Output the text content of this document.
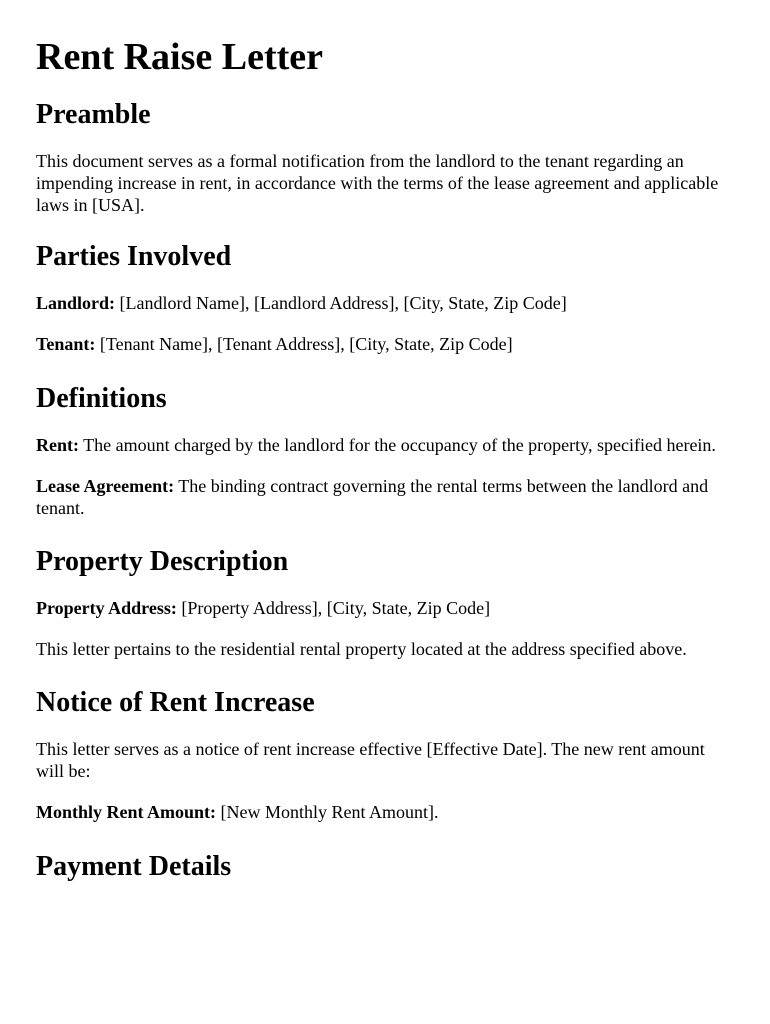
Rent Raise Letter
Preamble

This document serves as a formal notification from the landlord to the tenant regarding an impending increase in rent, in accordance with the terms of the lease agreement and applicable laws in [USA].

Parties Involved

Landlord: [Landlord Name], [Landlord Address], [City, State, Zip Code]

Tenant: [Tenant Name], [Tenant Address], [City, State, Zip Code]

Definitions

Rent: The amount charged by the landlord for the occupancy of the property, specified herein.

Lease Agreement: The binding contract governing the rental terms between the landlord and tenant.

Property Description

Property Address: [Property Address], [City, State, Zip Code]

This letter pertains to the residential rental property located at the address specified above.

Notice of Rent Increase

This letter serves as a notice of rent increase effective [Effective Date]. The new rent amount will be:

Monthly Rent Amount: [New Monthly Rent Amount].

Payment Details
